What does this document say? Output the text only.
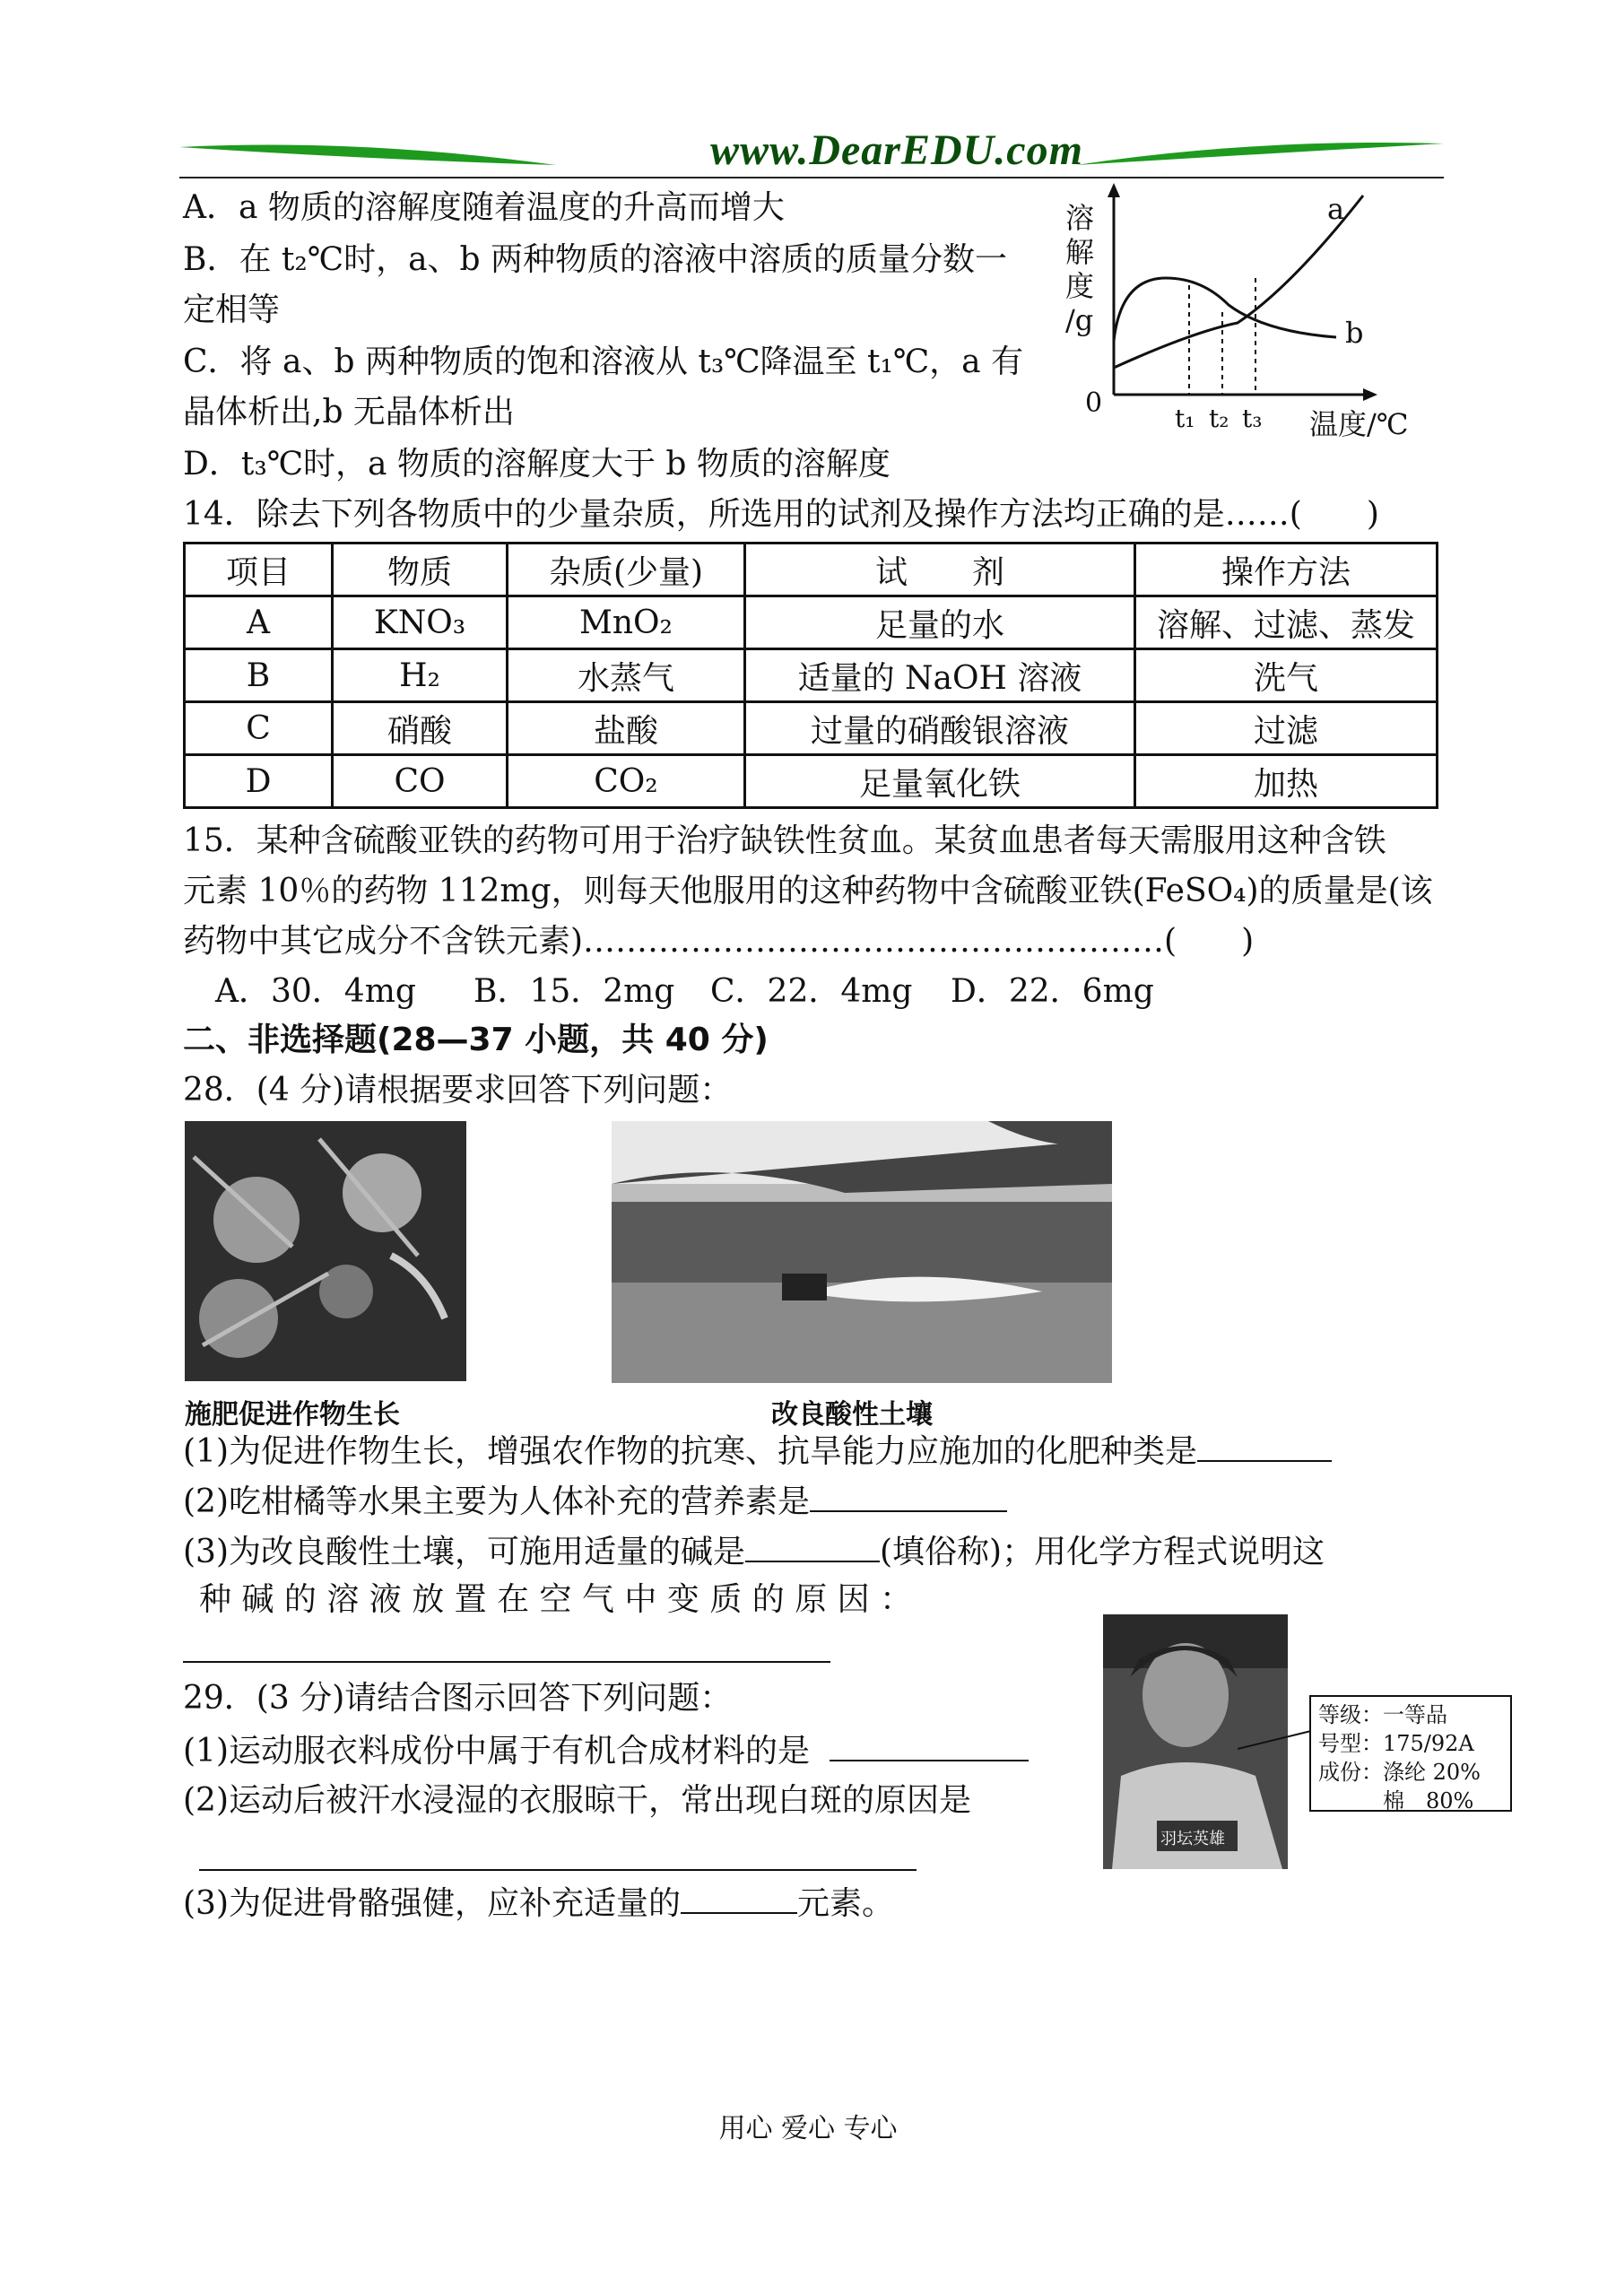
www.DearEDU.com
A．a 物质的溶解度随着温度的升高而增大
B．在 t₂℃时，a、b 两种物质的溶液中溶质的质量分数一
定相等
C．将 a、b 两种物质的饱和溶液从 t₃℃降温至 t₁℃，a 有
晶体析出,b 无晶体析出
D．t₃℃时，a 物质的溶解度大于 b 物质的溶解度
溶
解
度
/g
0	t₁ t₂ t₃ 温度/℃
a
b
14．除去下列各物质中的少量杂质，所选用的试剂及操作方法均正确的是……(　　)
项目	物质	杂质(少量)	试　　剂	操作方法
A	KNO₃	MnO₂	足量的水	溶解、过滤、蒸发
B	H₂	水蒸气	适量的 NaOH 溶液	洗气
C	硝酸	盐酸	过量的硝酸银溶液	过滤
D	CO	CO₂	足量氧化铁	加热
15．某种含硫酸亚铁的药物可用于治疗缺铁性贫血。某贫血患者每天需服用这种含铁
元素 10％的药物 112mg，则每天他服用的这种药物中含硫酸亚铁(FeSO₄)的质量是(该
药物中其它成分不含铁元素)………………………………………………(　　)
A．30．4mg B．15．2mg C．22．4mg D．22．6mg
二、非选择题(28—37 小题，共 40 分)
28．(4 分)请根据要求回答下列问题：
施肥促进作物生长	改良酸性土壤
(1)为促进作物生长，增强农作物的抗寒、抗旱能力应施加的化肥种类是
(2)吃柑橘等水果主要为人体补充的营养素是
(3)为改良酸性土壤，可施用适量的碱是	(填俗称)；用化学方程式说明这
种 碱 的 溶 液 放 置 在 空 气 中 变 质 的 原 因 ：
29．(3 分)请结合图示回答下列问题：
(1)运动服衣料成份中属于有机合成材料的是
(2)运动后被汗水浸湿的衣服晾干，常出现白斑的原因是
(3)为促进骨骼强健，应补充适量的	元素。
羽坛英雄
等级：一等品
号型：175/92A
成份：涤纶 20%
　　　棉　80%
用心 爱心 专心
